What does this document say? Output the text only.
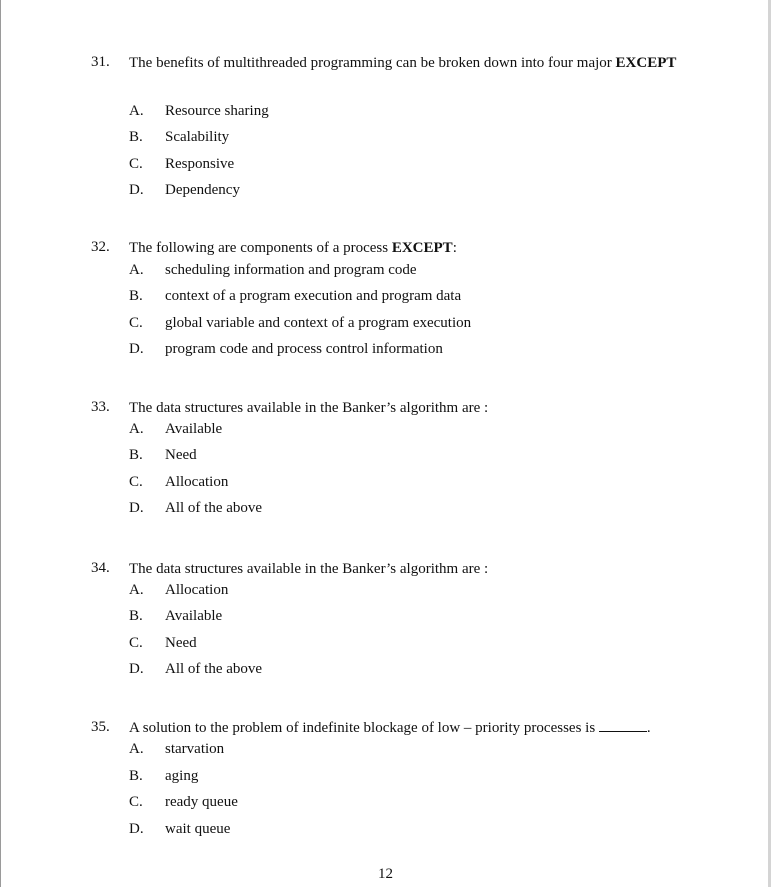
31. The benefits of multithreaded programming can be broken down into four major EXCEPT
A. Resource sharing
B. Scalability
C. Responsive
D. Dependency
32. The following are components of a process EXCEPT:
A. scheduling information and program code
B. context of a program execution and program data
C. global variable and context of a program execution
D. program code and process control information
33. The data structures available in the Banker’s algorithm are :
A. Available
B. Need
C. Allocation
D. All of the above
34. The data structures available in the Banker’s algorithm are :
A. Allocation
B. Available
C. Need
D. All of the above
35. A solution to the problem of indefinite blockage of low – priority processes is	.
A. starvation
B. aging
C. ready queue
D. wait queue
12
